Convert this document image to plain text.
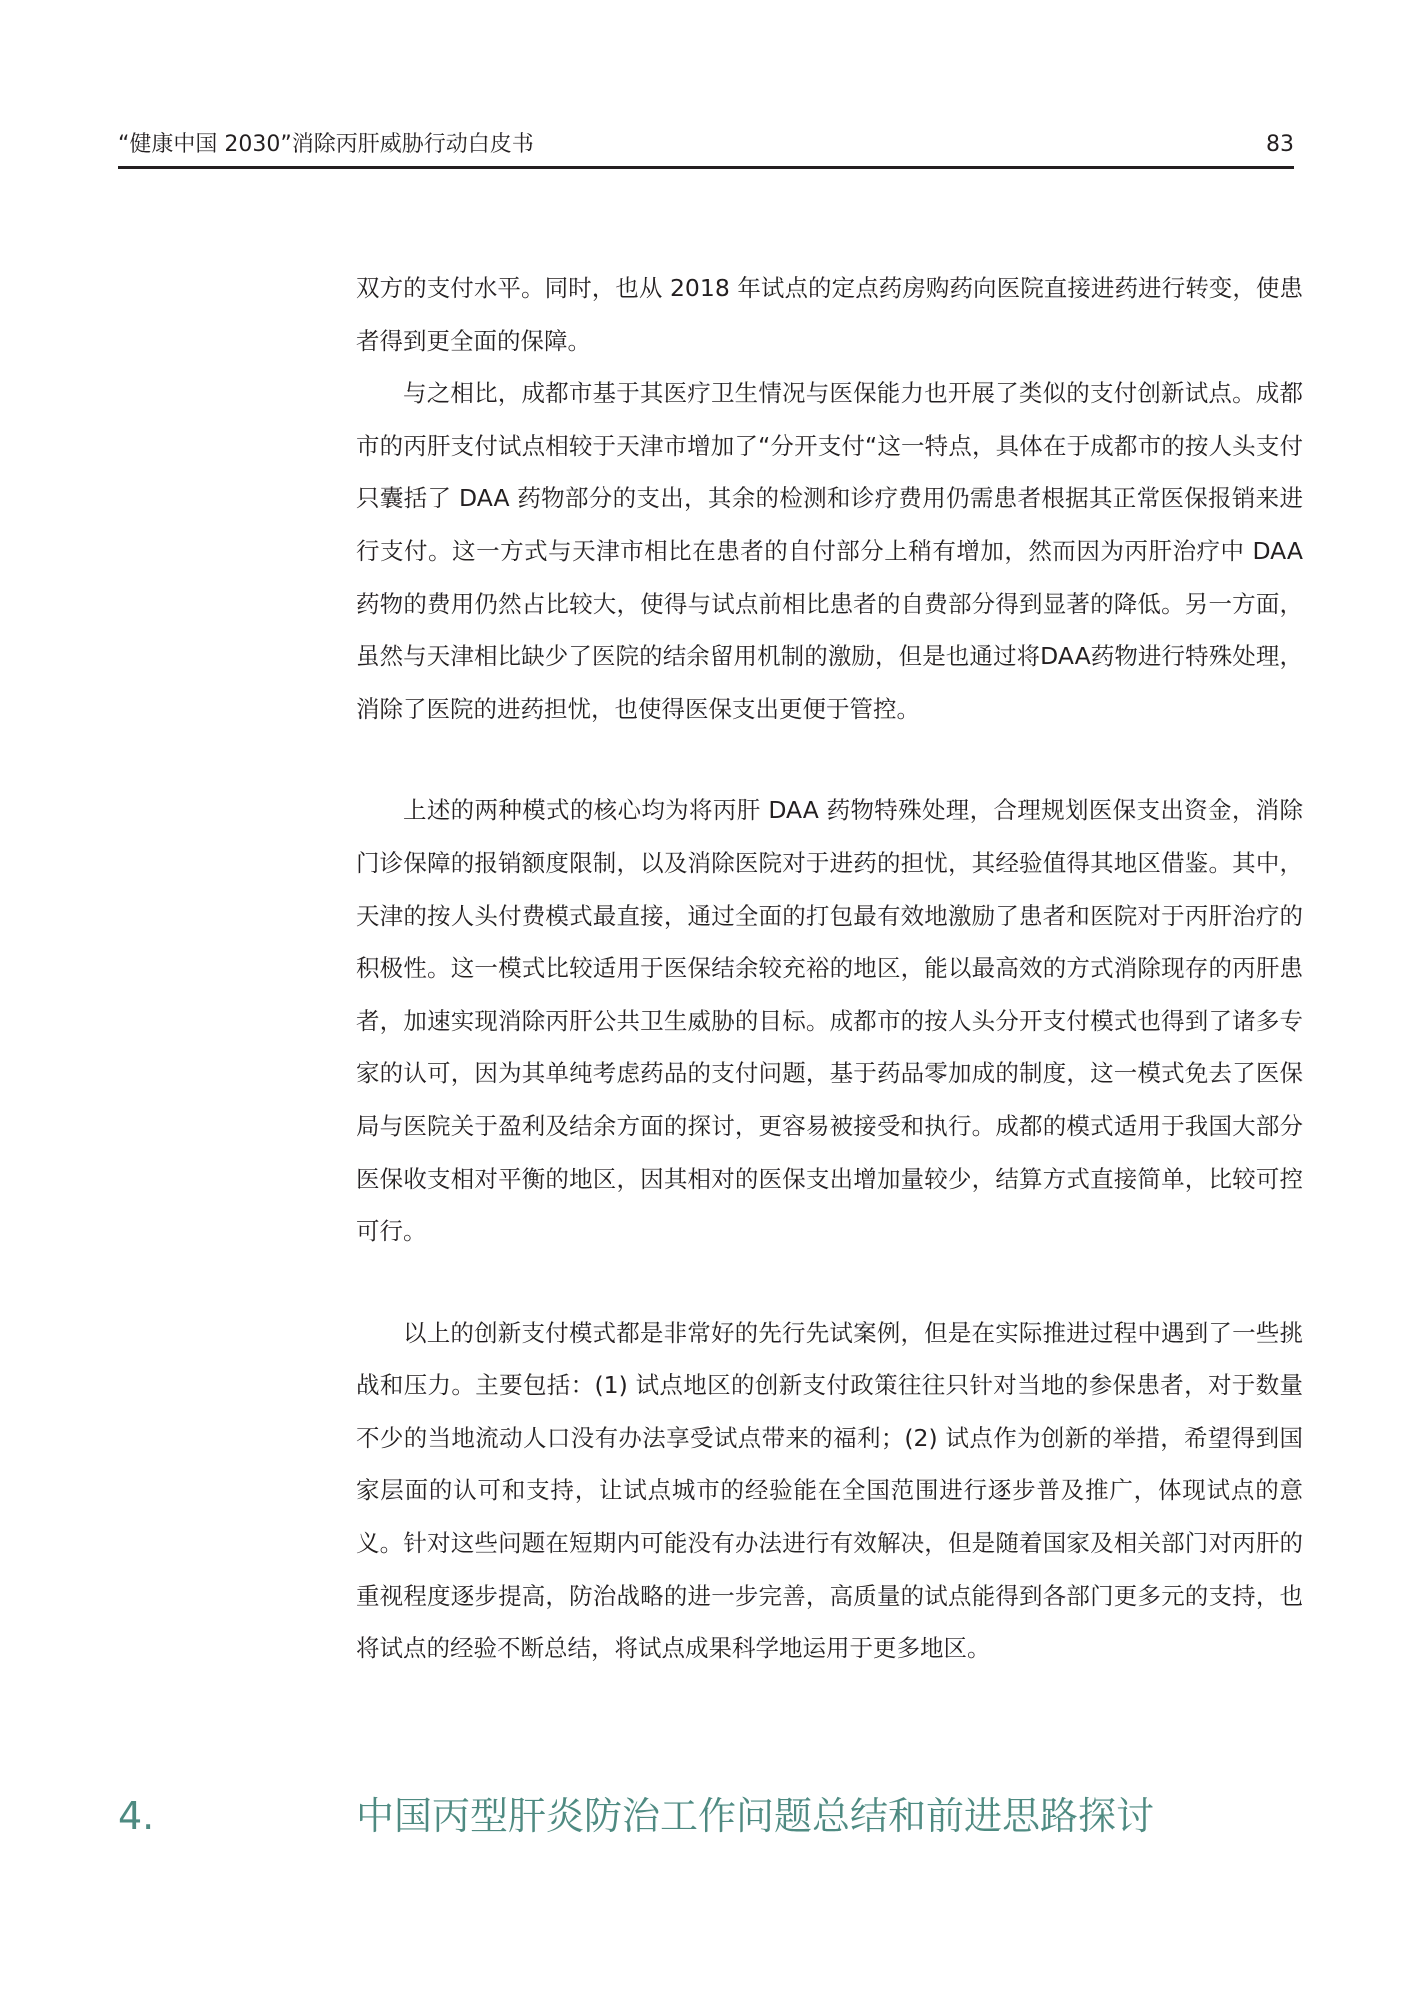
“健康中国 2030”消除丙肝威胁行动白皮书	83

双方的支付水平。同时，也从 2018 年试点的定点药房购药向医院直接进药进行转变，使患者得到更全面的保障。

与之相比，成都市基于其医疗卫生情况与医保能力也开展了类似的支付创新试点。成都市的丙肝支付试点相较于天津市增加了“分开支付“这一特点，具体在于成都市的按人头支付只囊括了 DAA 药物部分的支出，其余的检测和诊疗费用仍需患者根据其正常医保报销来进行支付。这一方式与天津市相比在患者的自付部分上稍有增加，然而因为丙肝治疗中 DAA 药物的费用仍然占比较大，使得与试点前相比患者的自费部分得到显著的降低。另一方面，虽然与天津相比缺少了医院的结余留用机制的激励，但是也通过将DAA药物进行特殊处理，消除了医院的进药担忧，也使得医保支出更便于管控。

上述的两种模式的核心均为将丙肝 DAA 药物特殊处理，合理规划医保支出资金，消除门诊保障的报销额度限制，以及消除医院对于进药的担忧，其经验值得其地区借鉴。其中，天津的按人头付费模式最直接，通过全面的打包最有效地激励了患者和医院对于丙肝治疗的积极性。这一模式比较适用于医保结余较充裕的地区，能以最高效的方式消除现存的丙肝患者，加速实现消除丙肝公共卫生威胁的目标。成都市的按人头分开支付模式也得到了诸多专家的认可，因为其单纯考虑药品的支付问题，基于药品零加成的制度，这一模式免去了医保局与医院关于盈利及结余方面的探讨，更容易被接受和执行。成都的模式适用于我国大部分医保收支相对平衡的地区，因其相对的医保支出增加量较少，结算方式直接简单，比较可控可行。

以上的创新支付模式都是非常好的先行先试案例，但是在实际推进过程中遇到了一些挑战和压力。主要包括：(1) 试点地区的创新支付政策往往只针对当地的参保患者，对于数量不少的当地流动人口没有办法享受试点带来的福利；(2) 试点作为创新的举措，希望得到国家层面的认可和支持，让试点城市的经验能在全国范围进行逐步普及推广，体现试点的意义。针对这些问题在短期内可能没有办法进行有效解决，但是随着国家及相关部门对丙肝的重视程度逐步提高，防治战略的进一步完善，高质量的试点能得到各部门更多元的支持，也将试点的经验不断总结，将试点成果科学地运用于更多地区。

4.	中国丙型肝炎防治工作问题总结和前进思路探讨
